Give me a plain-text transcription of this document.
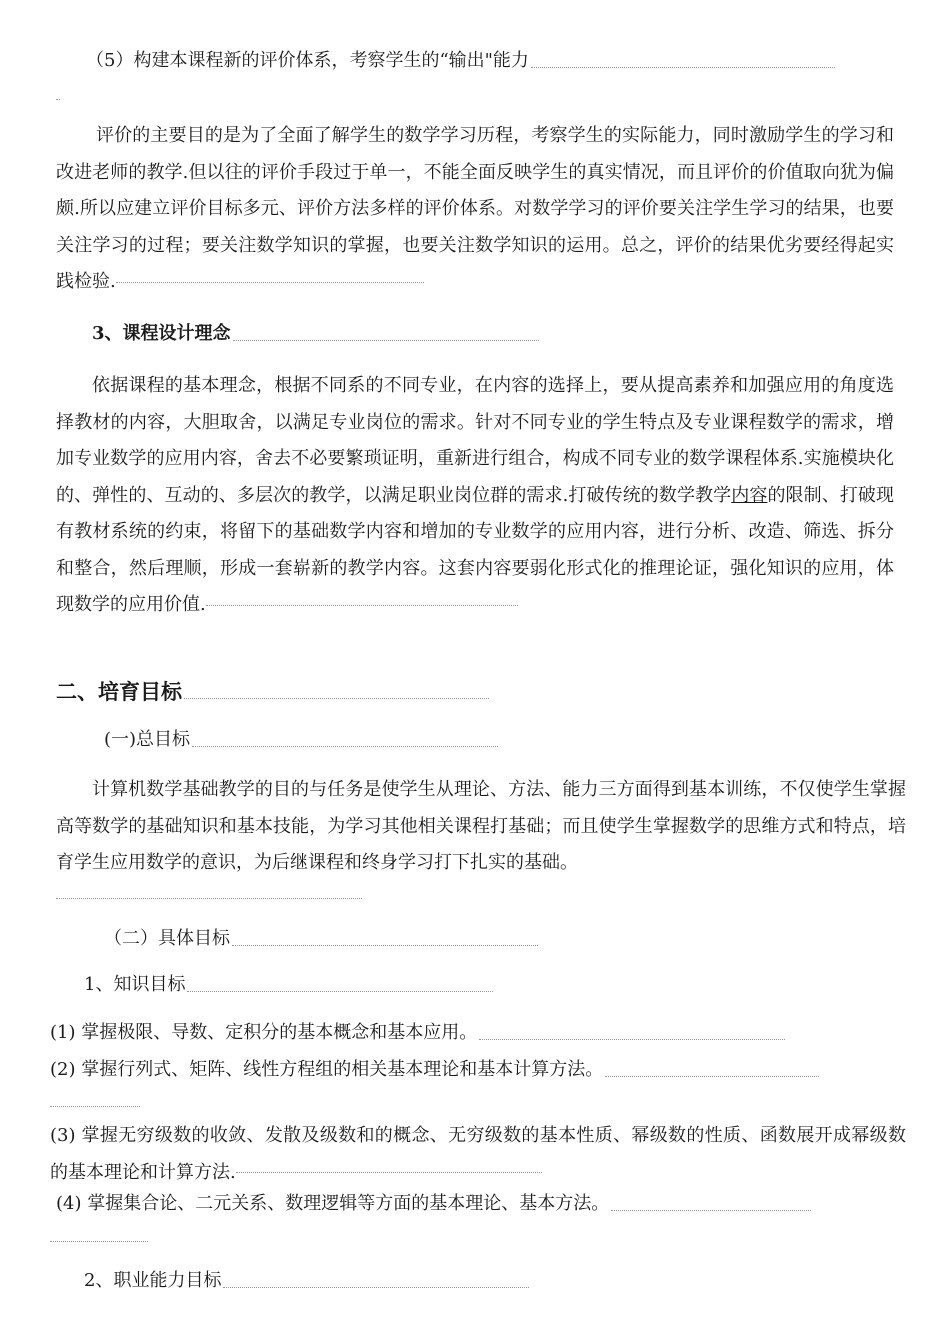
（5）构建本课程新的评价体系，考察学生的“输出"能力

评价的主要目的是为了全面了解学生的数学学习历程，考察学生的实际能力，同时激励学生的学习和改进老师的教学.但以往的评价手段过于单一，不能全面反映学生的真实情况，而且评价的价值取向犹为偏颇.所以应建立评价目标多元、评价方法多样的评价体系。对数学学习的评价要关注学生学习的结果，也要关注学习的过程；要关注数学知识的掌握，也要关注数学知识的运用。总之，评价的结果优劣要经得起实践检验.

3、课程设计理念

依据课程的基本理念，根据不同系的不同专业，在内容的选择上，要从提高素养和加强应用的角度选择教材的内容，大胆取舍，以满足专业岗位的需求。针对不同专业的学生特点及专业课程数学的需求，增加专业数学的应用内容，舍去不必要繁琐证明，重新进行组合，构成不同专业的数学课程体系.实施模块化的、弹性的、互动的、多层次的教学，以满足职业岗位群的需求.打破传统的数学教学内容的限制、打破现有教材系统的约束，将留下的基础数学内容和增加的专业数学的应用内容，进行分析、改造、筛选、拆分和整合，然后理顺，形成一套崭新的教学内容。这套内容要弱化形式化的推理论证，强化知识的应用，体现数学的应用价值.

二、培育目标
(一)总目标

计算机数学基础教学的目的与任务是使学生从理论、方法、能力三方面得到基本训练，不仅使学生掌握高等数学的基础知识和基本技能，为学习其他相关课程打基础；而且使学生掌握数学的思维方式和特点，培育学生应用数学的意识，为后继课程和终身学习打下扎实的基础。

（二）具体目标
1、知识目标
(1) 掌握极限、导数、定积分的基本概念和基本应用。
(2) 掌握行列式、矩阵、线性方程组的相关基本理论和基本计算方法。

(3) 掌握无穷级数的收敛、发散及级数和的概念、无穷级数的基本性质、幂级数的性质、函数展开成幂级数的基本理论和计算方法.

(4) 掌握集合论、二元关系、数理逻辑等方面的基本理论、基本方法。
2、职业能力目标
